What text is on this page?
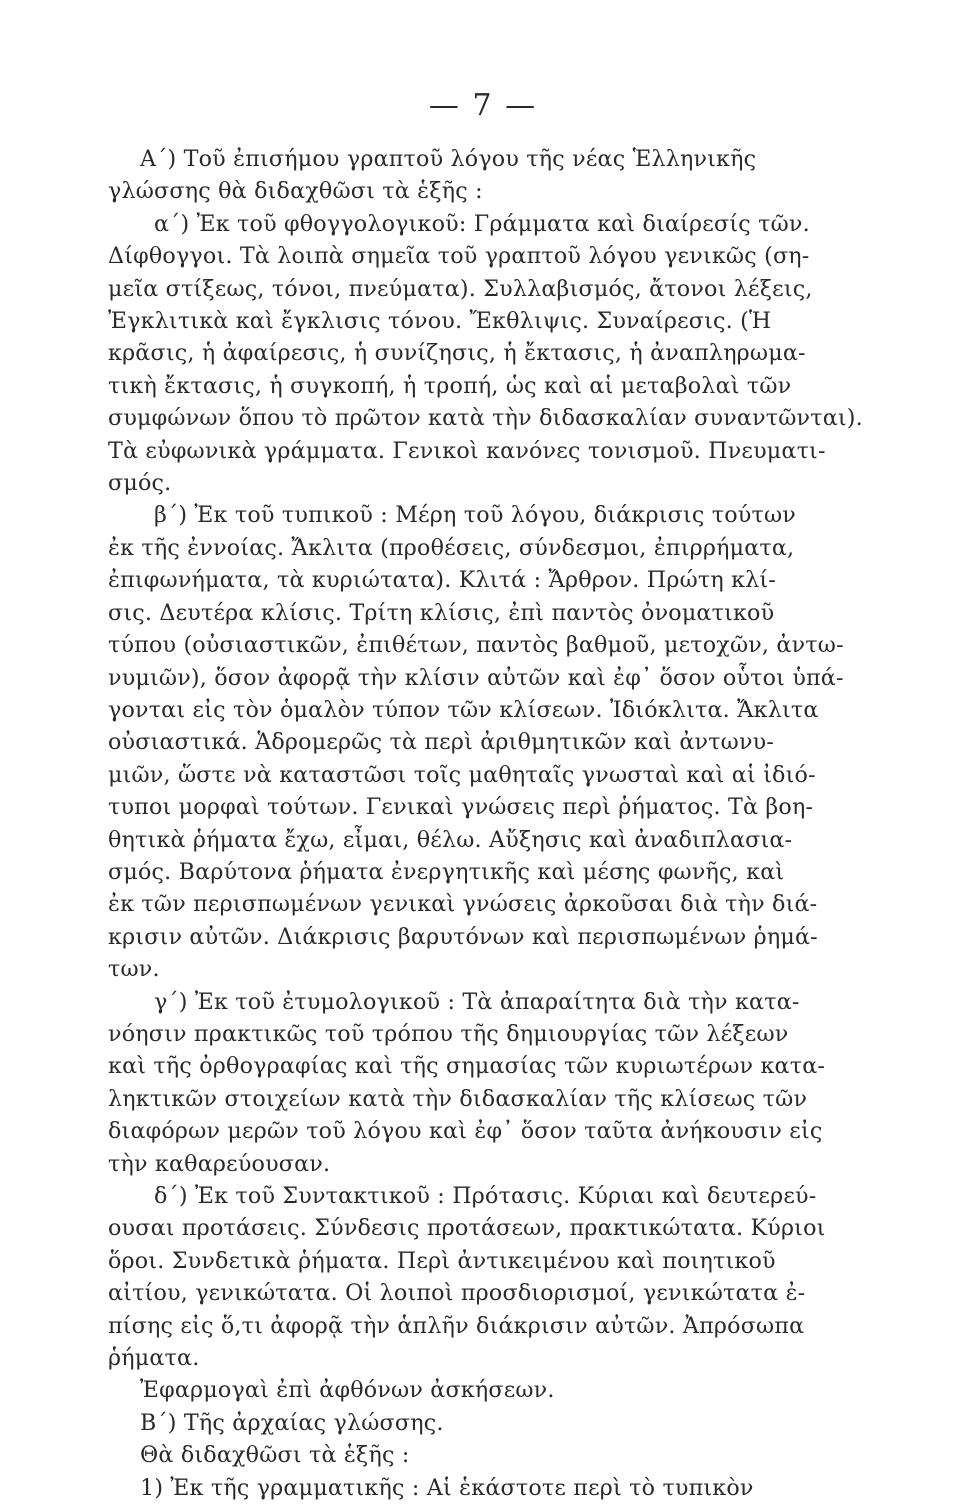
— 7 —

A΄) Τοῦ ἐπισήμου γραπτοῦ λόγου τῆς νέας Ἑλληνικῆς

γλώσσης θὰ διδαχθῶσι τὰ ἑξῆς :

α΄) Ἐκ τοῦ φθογγολογικοῦ: Γράμματα καὶ διαίρεσίς τῶν.

Δίφθογγοι. Τὰ λοιπὰ σημεῖα τοῦ γραπτοῦ λόγου γενικῶς (ση-

μεῖα στίξεως, τόνοι, πνεύματα). Συλλαβισμός, ἄτονοι λέξεις,

Ἐγκλιτικὰ καὶ ἔγκλισις τόνου. Ἔκθλιψις. Συναίρεσις. (Ἡ

κρᾶσις, ἡ ἀφαίρεσις, ἡ συνίζησις, ἡ ἔκτασις, ἡ ἀναπληρωμα-

τικὴ ἔκτασις, ἡ συγκοπή, ἡ τροπή, ὡς καὶ αἱ μεταβολαὶ τῶν

συμφώνων ὅπου τὸ πρῶτον κατὰ τὴν διδασκαλίαν συναντῶνται).

Τὰ εὐφωνικὰ γράμματα. Γενικοὶ κανόνες τονισμοῦ. Πνευματι-

σμός.

β΄) Ἐκ τοῦ τυπικοῦ : Μέρη τοῦ λόγου, διάκρισις τούτων

ἐκ τῆς ἐννοίας. Ἄκλιτα (προθέσεις, σύνδεσμοι, ἐπιρρήματα,

ἐπιφωνήματα, τὰ κυριώτατα). Κλιτά : Ἄρθρον. Πρώτη κλί-

σις. Δευτέρα κλίσις. Τρίτη κλίσις, ἐπὶ παντὸς ὀνοματικοῦ

τύπου (οὐσιαστικῶν, ἐπιθέτων, παντὸς βαθμοῦ, μετοχῶν, ἀντω-

νυμιῶν), ὅσον ἀφορᾷ τὴν κλίσιν αὐτῶν καὶ ἐφ᾿ ὅσον οὗτοι ὑπά-

γονται εἰς τὸν ὁμαλὸν τύπον τῶν κλίσεων. Ἰδιόκλιτα. Ἄκλιτα

οὐσιαστικά. Ἁδρομερῶς τὰ περὶ ἀριθμητικῶν καὶ ἀντωνυ-

μιῶν, ὥστε νὰ καταστῶσι τοῖς μαθηταῖς γνωσταὶ καὶ αἱ ἰδιό-

τυποι μορφαὶ τούτων. Γενικαὶ γνώσεις περὶ ῥήματος. Τὰ βοη-

θητικὰ ῥήματα ἔχω, εἶμαι, θέλω. Αὔξησις καὶ ἀναδιπλασια-

σμός. Βαρύτονα ῥήματα ἐνεργητικῆς καὶ μέσης φωνῆς, καὶ

ἐκ τῶν περισπωμένων γενικαὶ γνώσεις ἀρκοῦσαι διὰ τὴν διά-

κρισιν αὐτῶν. Διάκρισις βαρυτόνων καὶ περισπωμένων ῥημά-

των.

γ΄) Ἐκ τοῦ ἐτυμολογικοῦ : Τὰ ἀπαραίτητα διὰ τὴν κατα-

νόησιν πρακτικῶς τοῦ τρόπου τῆς δημιουργίας τῶν λέξεων

καὶ τῆς ὀρθογραφίας καὶ τῆς σημασίας τῶν κυριωτέρων κατα-

ληκτικῶν στοιχείων κατὰ τὴν διδασκαλίαν τῆς κλίσεως τῶν

διαφόρων μερῶν τοῦ λόγου καὶ ἐφ᾿ ὅσον ταῦτα ἀνήκουσιν εἰς

τὴν καθαρεύουσαν.

δ΄) Ἐκ τοῦ Συντακτικοῦ : Πρότασις. Κύριαι καὶ δευτερεύ-

ουσαι προτάσεις. Σύνδεσις προτάσεων, πρακτικώτατα. Κύριοι

ὅροι. Συνδετικὰ ῥήματα. Περὶ ἀντικειμένου καὶ ποιητικοῦ

αἰτίου, γενικώτατα. Οἱ λοιποὶ προσδιορισμοί, γενικώτατα ἐ-

πίσης εἰς ὅ,τι ἀφορᾷ τὴν ἁπλῆν διάκρισιν αὐτῶν. Ἀπρόσωπα

ῥήματα.

Ἐφαρμογαὶ ἐπὶ ἀφθόνων ἀσκήσεων.

Β΄) Τῆς ἀρχαίας γλώσσης.

Θὰ διδαχθῶσι τὰ ἑξῆς :

1) Ἐκ τῆς γραμματικῆς : Αἱ ἑκάστοτε περὶ τὸ τυπικὸν
